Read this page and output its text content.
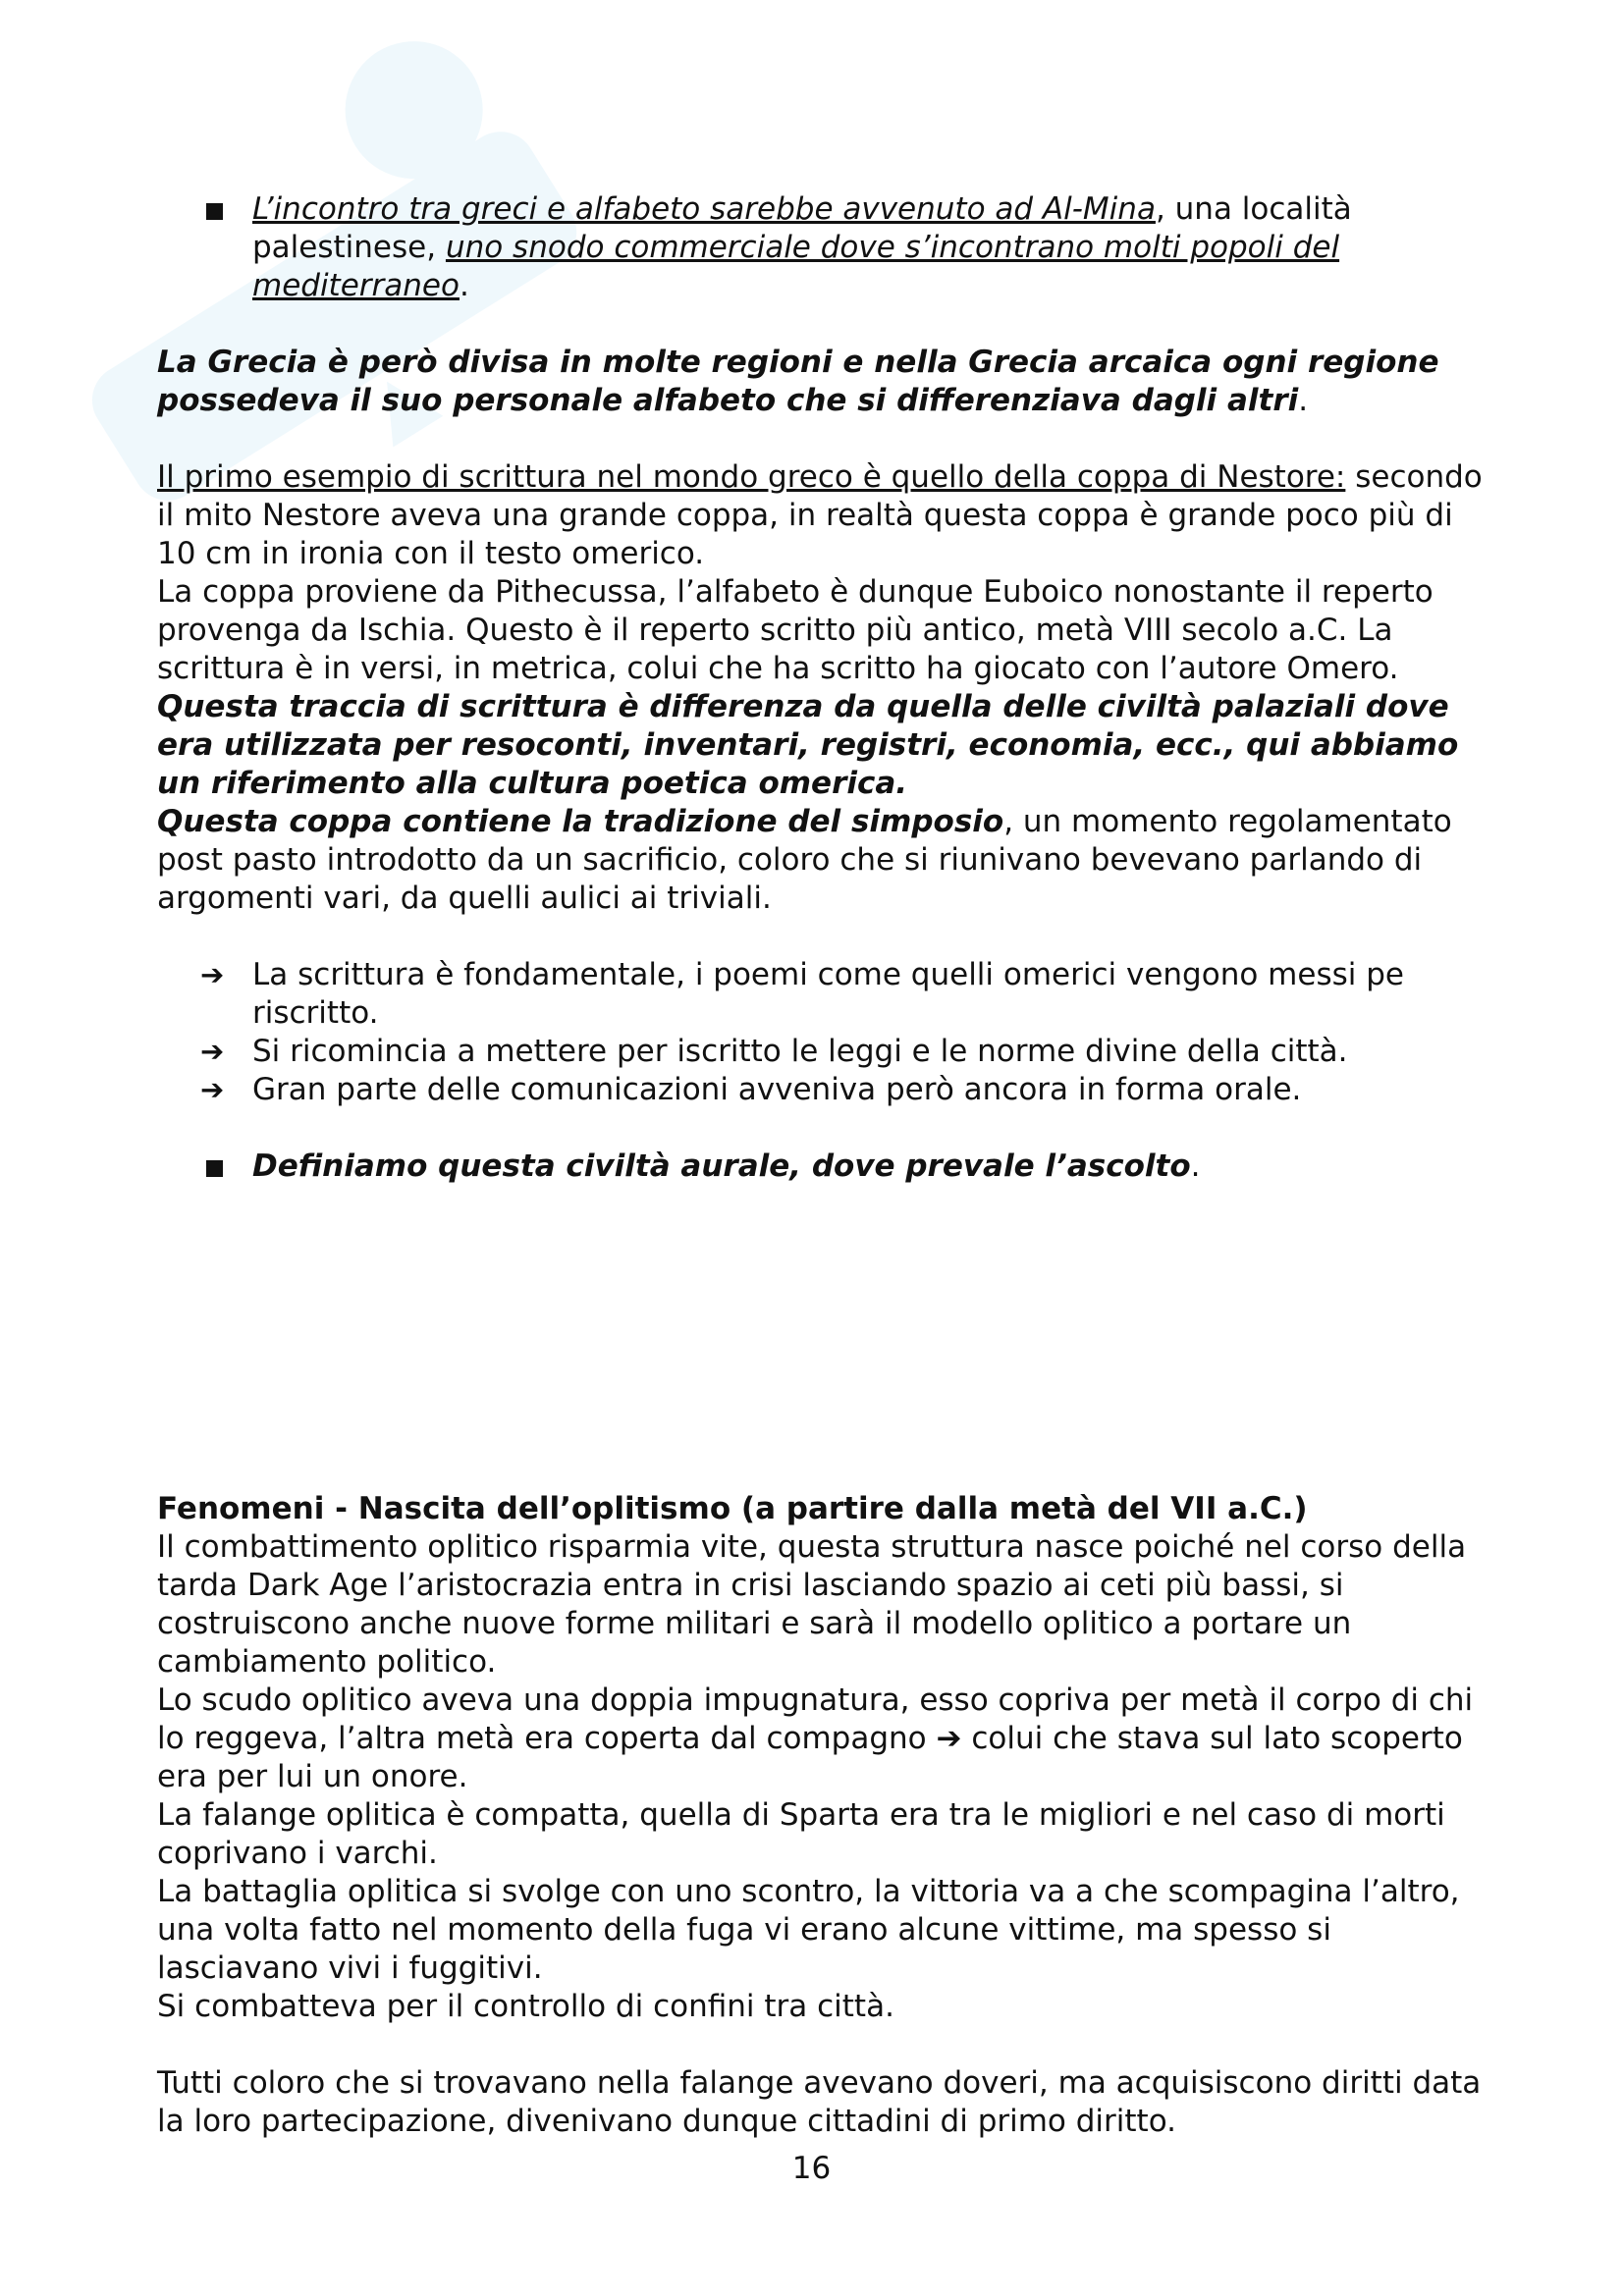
L’incontro tra greci e alfabeto sarebbe avvenuto ad Al-Mina, una località palestinese, uno snodo commerciale dove s’incontrano molti popoli del mediterraneo.

La Grecia è però divisa in molte regioni e nella Grecia arcaica ogni regione possedeva il suo personale alfabeto che si differenziava dagli altri.

Il primo esempio di scrittura nel mondo greco è quello della coppa di Nestore: secondo il mito Nestore aveva una grande coppa, in realtà questa coppa è grande poco più di 10 cm in ironia con il testo omerico.

La coppa proviene da Pithecussa, l’alfabeto è dunque Euboico nonostante il reperto provenga da Ischia. Questo è il reperto scritto più antico, metà VIII secolo a.C. La scrittura è in versi, in metrica, colui che ha scritto ha giocato con l’autore Omero.

Questa traccia di scrittura è differenza da quella delle civiltà palaziali dove era utilizzata per resoconti, inventari, registri, economia, ecc., qui abbiamo un riferimento alla cultura poetica omerica.

Questa coppa contiene la tradizione del simposio, un momento regolamentato post pasto introdotto da un sacrificio, coloro che si riunivano bevevano parlando di argomenti vari, da quelli aulici ai triviali.

➔ La scrittura è fondamentale, i poemi come quelli omerici vengono messi pe riscritto.

➔ Si ricomincia a mettere per iscritto le leggi e le norme divine della città.

➔ Gran parte delle comunicazioni avveniva però ancora in forma orale.

Definiamo questa civiltà aurale, dove prevale l’ascolto.

Fenomeni - Nascita dell’oplitismo (a partire dalla metà del VII a.C.)

Il combattimento oplitico risparmia vite, questa struttura nasce poiché nel corso della tarda Dark Age l’aristocrazia entra in crisi lasciando spazio ai ceti più bassi, si costruiscono anche nuove forme militari e sarà il modello oplitico a portare un cambiamento politico.

Lo scudo oplitico aveva una doppia impugnatura, esso copriva per metà il corpo di chi lo reggeva, l’altra metà era coperta dal compagno ➔ colui che stava sul lato scoperto era per lui un onore.

La falange oplitica è compatta, quella di Sparta era tra le migliori e nel caso di morti coprivano i varchi.

La battaglia oplitica si svolge con uno scontro, la vittoria va a che scompagina l’altro, una volta fatto nel momento della fuga vi erano alcune vittime, ma spesso si lasciavano vivi i fuggitivi.

Si combatteva per il controllo di confini tra città.

Tutti coloro che si trovavano nella falange avevano doveri, ma acquisiscono diritti data la loro partecipazione, divenivano dunque cittadini di primo diritto.

16
